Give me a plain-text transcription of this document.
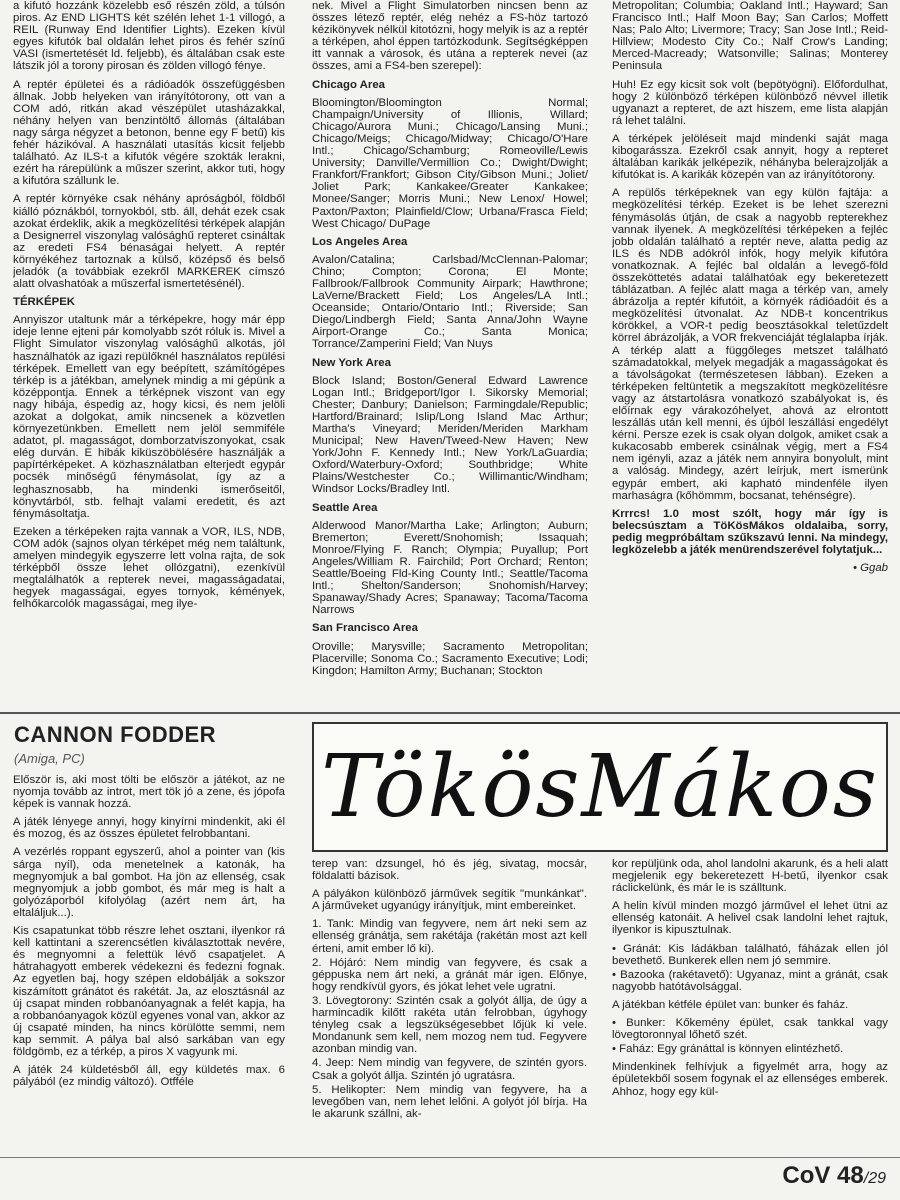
a kifutó hozzánk közelebb eső részén zöld, a túlsón piros. Az END LIGHTS két szélén lehet 1-1 villogó, a REIL (Runway End Identifier Lights). Ezeken kívül egyes kifutók bal oldalán lehet piros és fehér színű VASI (ismertetését ld. feljebb), és általában csak este látszik jól a torony pirosan és zölden villogó fénye.

A reptér épületei és a rádióadók összefüggésben állnak. Jobb helyeken van irányítótorony, ott van a COM adó, ritkán akad vészépület utasházakkal, néhány helyen van benzintöltő állomás (általában nagy sárga négyzet a betonon, benne egy F betű) kis fehér házikóval. A használati utasítás kicsit feljebb található. Az ILS-t a kifutók végére szokták lerakni, ezért ha rárepülünk a műszer szerint, akkor tuti, hogy a kifutóra szállunk le.

A reptér környéke csak néhány apróságból, földből kiálló póznákból, tornyokból, stb. áll, dehát ezek csak azokat érdeklik, akik a megközelítési térképek alapján a Designerrel viszonylag valósághű repteret csináltak az eredeti FS4 bénaságai helyett. A reptér környékéhez tartoznak a külső, középső és belső jeladók (a továbbiak ezekről MARKEREK címszó alatt olvashatóak a műszerfal ismertetésénél).

TÉRKÉPEK

Annyiszor utaltunk már a térképekre, hogy már épp ideje lenne ejteni pár komolyabb szót róluk is. Mivel a Flight Simulator viszonylag valósághű alkotás, jól használhatók az igazi repülőknél használatos repülési térképek. Emellett van egy beépített, számítógépes térkép is a játékban, amelynek mindig a mi gépünk a középpontja. Ennek a térképnek viszont van egy nagy hibája, éspedig az, hogy kicsi, és nem jelöli azokat a dolgokat, amik nincsenek a közvetlen környezetünkben. Emellett nem jelöl semmiféle adatot, pl. magasságot, domborzatviszonyokat, csak elég durván. E hibák kiküszöbölésére használják a papírtérképeket. A közhasználatban elterjedt egypár pocsék minőségű fénymásolat, így az a leghasznosabb, ha mindenki ismerőseitől, könyvtárból, stb. felhajt valami eredetit, és azt fénymásoltatja.

Ezeken a térképeken rajta vannak a VOR, ILS, NDB, COM adók (sajnos olyan térképet még nem találtunk, amelyen mindegyik egyszerre lett volna rajta, de sok térképből össze lehet ollózgatni), ezenkívül megtalálhatók a repterek nevei, magasságadatai, hegyek magasságai, egyes tornyok, kémények, felhőkarcolók magasságai, meg ilye-

nek. Mivel a Flight Simulatorben nincsen benn az összes létező reptér, elég nehéz a FS-höz tartozó kézikönyvek nélkül kitotózni, hogy melyik is az a reptér a térképen, ahol éppen tartózkodunk. Segítségképpen itt vannak a városok, és utána a repterek nevei (az összes, ami a FS4-ben szerepel):

Chicago Area

Bloomington/Bloomington Normal; Champaign/University of Illionis, Willard; Chicago/Aurora Muni.; Chicago/Lansing Muni.; Chicago/Meigs; Chicago/Midway; Chicago/O'Hare Intl.; Chicago/Schamburg; Romeoville/Lewis University; Danville/Vermillion Co.; Dwight/Dwight; Frankfort/Frankfort; Gibson City/Gibson Muni.; Joliet/ Joliet Park; Kankakee/Greater Kankakee; Monee/Sanger; Morris Muni.; New Lenox/ Howel; Paxton/Paxton; Plainfield/Clow; Urbana/Frasca Field; West Chicago/ DuPage

Los Angeles Area

Avalon/Catalina; Carlsbad/McClennan-Palomar; Chino; Compton; Corona; El Monte; Fallbrook/Fallbrook Community Airpark; Hawthrone; LaVerne/Brackett Field; Los Angeles/LA Intl.; Oceanside; Ontario/Ontario Intl.; Riverside; San Diego/Lindbergh Field; Santa Anna/John Wayne Airport-Orange Co.; Santa Monica; Torrance/Zamperini Field; Van Nuys

New York Area

Block Island; Boston/General Edward Lawrence Logan Intl.; Bridgeport/Igor I. Sikorsky Memorial; Chester; Danbury; Danielson; Farmingdale/Republic; Hartford/Brainard; Islip/Long Island Mac Arthur; Martha's Vineyard; Meriden/Meriden Markham Municipal; New Haven/Tweed-New Haven; New York/John F. Kennedy Intl.; New York/LaGuardia; Oxford/Waterbury-Oxford; Southbridge; White Plains/Westchester Co.; Willimantic/Windham; Windsor Locks/Bradley Intl.

Seattle Area

Alderwood Manor/Martha Lake; Arlington; Auburn; Bremerton; Everett/Snohomish; Issaquah; Monroe/Flying F. Ranch; Olympia; Puyallup; Port Angeles/William R. Fairchild; Port Orchard; Renton; Seattle/Boeing Fld-King County Intl.; Seattle/Tacoma Intl.; Shelton/Sanderson; Snohomish/Harvey; Spanaway/Shady Acres; Spanaway; Tacoma/Tacoma Narrows

San Francisco Area

Oroville; Marysville; Sacramento Metropolitan; Placerville; Sonoma Co.; Sacramento Executive; Lodi; Kingdon; Hamilton Army; Buchanan; Stockton

Metropolitan; Columbia; Oakland Intl.; Hayward; San Francisco Intl.; Half Moon Bay; San Carlos; Moffett Nas; Palo Alto; Livermore; Tracy; San Jose Intl.; Reid-Hillview; Modesto City Co.; Nalf Crow's Landing; Merced-Macready; Watsonville; Salinas; Monterey Peninsula

Huh! Ez egy kicsit sok volt (bepötyögni). Előfordulhat, hogy 2 különböző térképen különböző névvel illetik ugyanazt a repteret, de azt hiszem, eme lista alapján rá lehet találni.

A térképek jelöléseit majd mindenki saját maga kibogarássza. Ezekről csak annyit, hogy a repteret általában karikák jelképezik, néhányba belerajzolják a kifutókat is. A karikák közepén van az irányítótorony.

A repülős térképeknek van egy külön fajtája: a megközelítési térkép. Ezeket is be lehet szerezni fénymásolás útján, de csak a nagyobb repterekhez vannak ilyenek. A megközelítési térképeken a fejléc jobb oldalán található a reptér neve, alatta pedig az ILS és NDB adókról infók, hogy melyik kifutóra vonatkoznak. A fejléc bal oldalán a levegő-föld összeköttetés adatai találhatóak egy bekeretezett táblázatban. A fejléc alatt maga a térkép van, amely ábrázolja a reptér kifutóit, a környék rádióadóit és a megközelítési útvonalat. Az NDB-t koncentrikus körökkel, a VOR-t pedig beosztásokkal teletűzdelt körrel ábrázolják, a VOR frekvenciáját téglalapba írják. A térkép alatt a függőleges metszet található számadatokkal, melyek megadják a magasságokat és a távolságokat (természetesen lábban). Ezeken a térképeken feltüntetik a megszakított megközelítésre vagy az átstartolásra vonatkozó szabályokat is, és előírnak egy várakozóhelyet, ahová az elrontott leszállás után kell menni, és újból leszállási engedélyt kérni. Persze ezek is csak olyan dolgok, amiket csak a kukacosabb emberek csinálnak végig, mert a FS4 nem igényli, azaz a játék nem annyira bonyolult, mint a valóság. Mindegy, azért leírjuk, mert ismerünk egypár embert, aki kapható mindenféle ilyen marhaságra (kőhömmm, bocsanat, tehénségre).

Krrrcs! 1.0 most szólt, hogy már így is belecsúsztam a TöKösMákos oldalaiba, sorry, pedig megpróbáltam szűkszavú lenni. Na mindegy, legközelebb a játék menürendszerével folytatjuk...

• Ggab

CANNON FODDER
(Amiga, PC)	TökösMákos

Először is, aki most tölti be először a játékot, az ne nyomja tovább az introt, mert tök jó a zene, és jópofa képek is vannak hozzá.

A játék lényege annyi, hogy kinyírni mindenkit, aki él és mozog, és az összes épületet felrobbantani.

A vezérlés roppant egyszerű, ahol a pointer van (kis sárga nyíl), oda menetelnek a katonák, ha megnyomjuk a bal gombot. Ha jön az ellenség, csak megnyomjuk a jobb gombot, és már meg is halt a golyózáporból kifolyólag (azért nem árt, ha eltaláljuk...).

Kis csapatunkat több részre lehet osztani, ilyenkor rá kell kattintani a szerencsétlen kiválasztottak nevére, és megnyomni a felettük lévő csapatjelet. A hátrahagyott emberek védekezni és fedezni fognak. Az egyetlen baj, hogy szépen eldobálják a sokszor kiszámított gránátot és rakétát. Ja, az elosztásnál az új csapat minden robbanóanyagnak a felét kapja, ha a robbanóanyagok közül egyenes vonal van, akkor az új csapaté minden, ha nincs körülötte semmi, nem kap semmit. A pálya bal alsó sarkában van egy földgömb, ez a térkép, a piros X vagyunk mi.

A játék 24 küldetésből áll, egy küldetés max. 6 pályából (ez mindig változó). Otfféle

terep van: dzsungel, hó és jég, sivatag, mocsár, földalatti bázisok.

A pályákon különböző járművek segítik "munkánkat". A járműveket ugyanúgy irányítjuk, mint embereinket.

1. Tank: Mindig van fegyvere, nem árt neki sem az ellenség gránátja, sem rakétája (rakétán most azt kell érteni, amit ember lő ki).
2. Hójáró: Nem mindig van fegyvere, és csak a géppuska nem árt neki, a gránát már igen. Előnye, hogy rendkívül gyors, és jókat lehet vele ugratni.
3. Lövegtorony: Szintén csak a golyót állja, de úgy a harmincadik kilőtt rakéta után felrobban, úgyhogy tényleg csak a legszükségesebbet lőjük ki vele. Mondanunk sem kell, nem mozog nem tud. Fegyvere azonban mindig van.
4. Jeep: Nem mindig van fegyvere, de szintén gyors. Csak a golyót állja. Szintén jó ugratásra.
5. Helikopter: Nem mindig van fegyvere, ha a levegőben van, nem lehet lelőni. A golyót jól bírja. Ha le akarunk szállni, ak-

kor repüljünk oda, ahol landolni akarunk, és a heli alatt megjelenik egy bekeretezett H-betű, ilyenkor csak ráclickelünk, és már le is szálltunk.

A helin kívül minden mozgó járművel el lehet ütni az ellenség katonáit. A helivel csak landolni lehet rajtuk, ilyenkor is kipusztulnak.

• Gránát: Kis ládákban található, fáházak ellen jól bevethető. Bunkerek ellen nem jó semmire.
• Bazooka (rakétavető): Ugyanaz, mint a gránát, csak nagyobb hatótávolsággal.

A játékban kétféle épület van: bunker és faház.

• Bunker: Kőkemény épület, csak tankkal vagy lövegtoronnyal lőhető szét.
• Faház: Egy gránáttal is könnyen elintézhető.

Mindenkinek felhívjuk a figyelmét arra, hogy az épületekből sosem fogynak el az ellenséges emberek. Ahhoz, hogy egy kül-

CoV 48/29
